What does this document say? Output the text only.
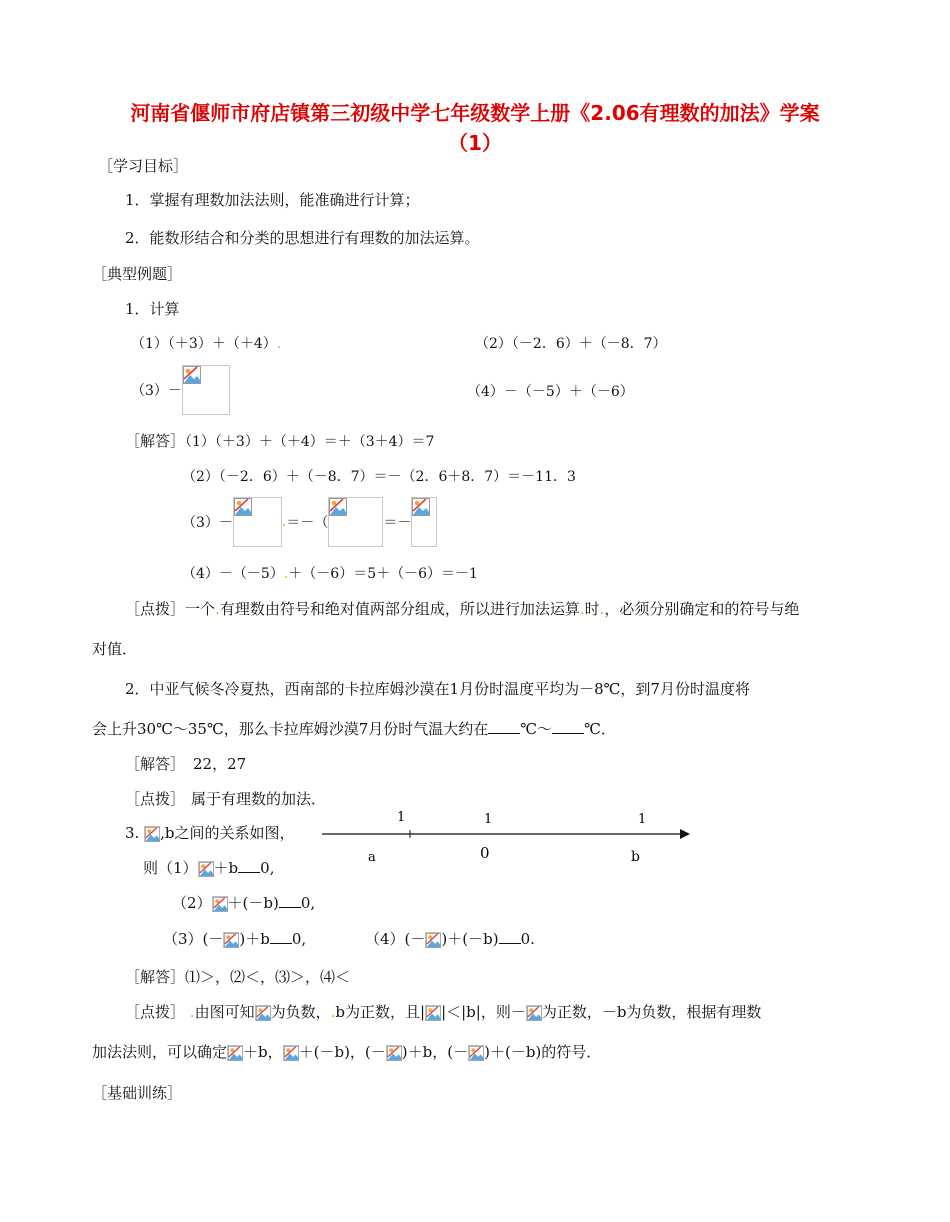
河南省偃师市府店镇第三初级中学七年级数学上册《2.06有理数的加法》学案
（1）
［学习目标］
1．掌握有理数加法法则，能准确进行计算；
2．能数形结合和分类的思想进行有理数的加法运算。
［典型例题］
1．计算
（1）（＋3）＋（＋4）.	（2）（－2．6）＋（－8．7）
（3）－	（4）－（－5）＋（－6）
［解答］（1）（＋3）＋（＋4）＝＋（3＋4）＝7
（2）（－2．6）＋（－8．7）＝－（2．6＋8．7）＝－11．3
（3）－	.＝－（	＝－
（4）－（－5）.＋（－6）＝5＋（－6）＝－1
［点拨］一个.有理数由符号和绝对值两部分组成，所以进行加法运算.时.，必须分别确定和的符号与绝
对值．
2．中亚气候冬冷夏热，西南部的卡拉库姆沙漠在1月份时温度平均为－8℃，到7月份时温度将
会上升30℃～35℃，那么卡拉库姆沙漠7月份时气温大约在 ℃～ ℃．
［解答］ 22，27
［点拨］ 属于有理数的加法．
3. ,b之间的关系如图，
1	1	1
a	0	b
则（1） ＋b 0,
（2） ＋(－b) 0,
（3）(－ )＋b 0,	（4）(－ )＋(－b) 0.
［解答］⑴＞，⑵＜，⑶＞，⑷＜
［点拨］ .由图可知 为负数，.b为正数，且| |＜|b|，则－ 为正数，－b为负数，根据有理数
加法法则，可以确定 ＋b， ＋(－b)，(－ )＋b，(－ )＋(－b)的符号．
［基础训练］
